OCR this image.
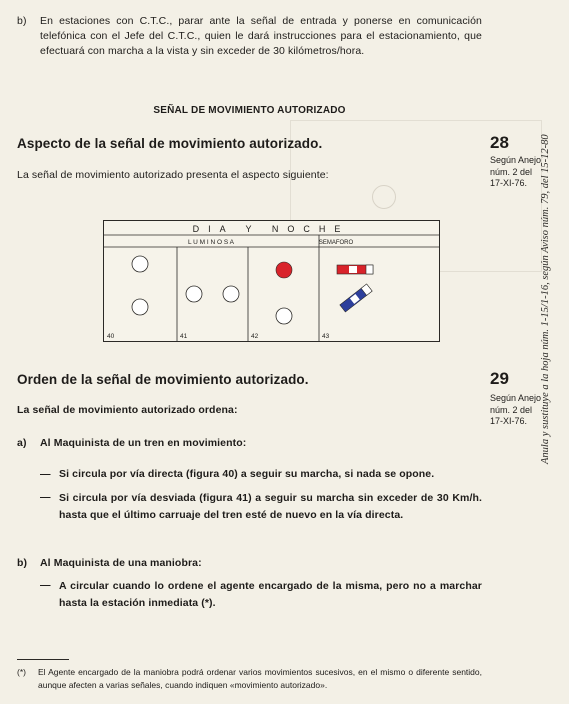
b) En estaciones con C.T.C., parar ante la señal de entrada y ponerse en comunicación telefónica con el Jefe del C.T.C., quien le dará instrucciones para el estacionamiento, que efectuará con marcha a la vista y sin exceder de 30 kilómetros/hora.
SEÑAL DE MOVIMIENTO AUTORIZADO
Aspecto de la señal de movimiento autorizado.	28
Según Anejo
núm. 2 del
17-XI-76.
La señal de movimiento autorizado presenta el aspecto siguiente:
DIA Y NOCHE
L U M I N O S A	SEMAFORO
40	41	42	43
Orden de la señal de movimiento autorizado.	29
Según Anejo
núm. 2 del
17-XI-76.
La señal de movimiento autorizado ordena:
a) Al Maquinista de un tren en movimiento:
— Si circula por vía directa (figura 40) a seguir su marcha, si nada se opone.
— Si circula por vía desviada (figura 41) a seguir su marcha sin exceder de 30 Km/h. hasta que el último carruaje del tren esté de nuevo en la vía directa.
b) Al Maquinista de una maniobra:
— A circular cuando lo ordene el agente encargado de la misma, pero no a marchar hasta la estación inmediata (*).
(*) El Agente encargado de la maniobra podrá ordenar varios movimientos sucesivos, en el mismo o diferente sentido, aunque afecten a varias señales, cuando indiquen «movimiento autorizado».
Anula y sustituye a la hoja núm. 1-15/1-16, según Aviso núm. 79, del 15-12-80
